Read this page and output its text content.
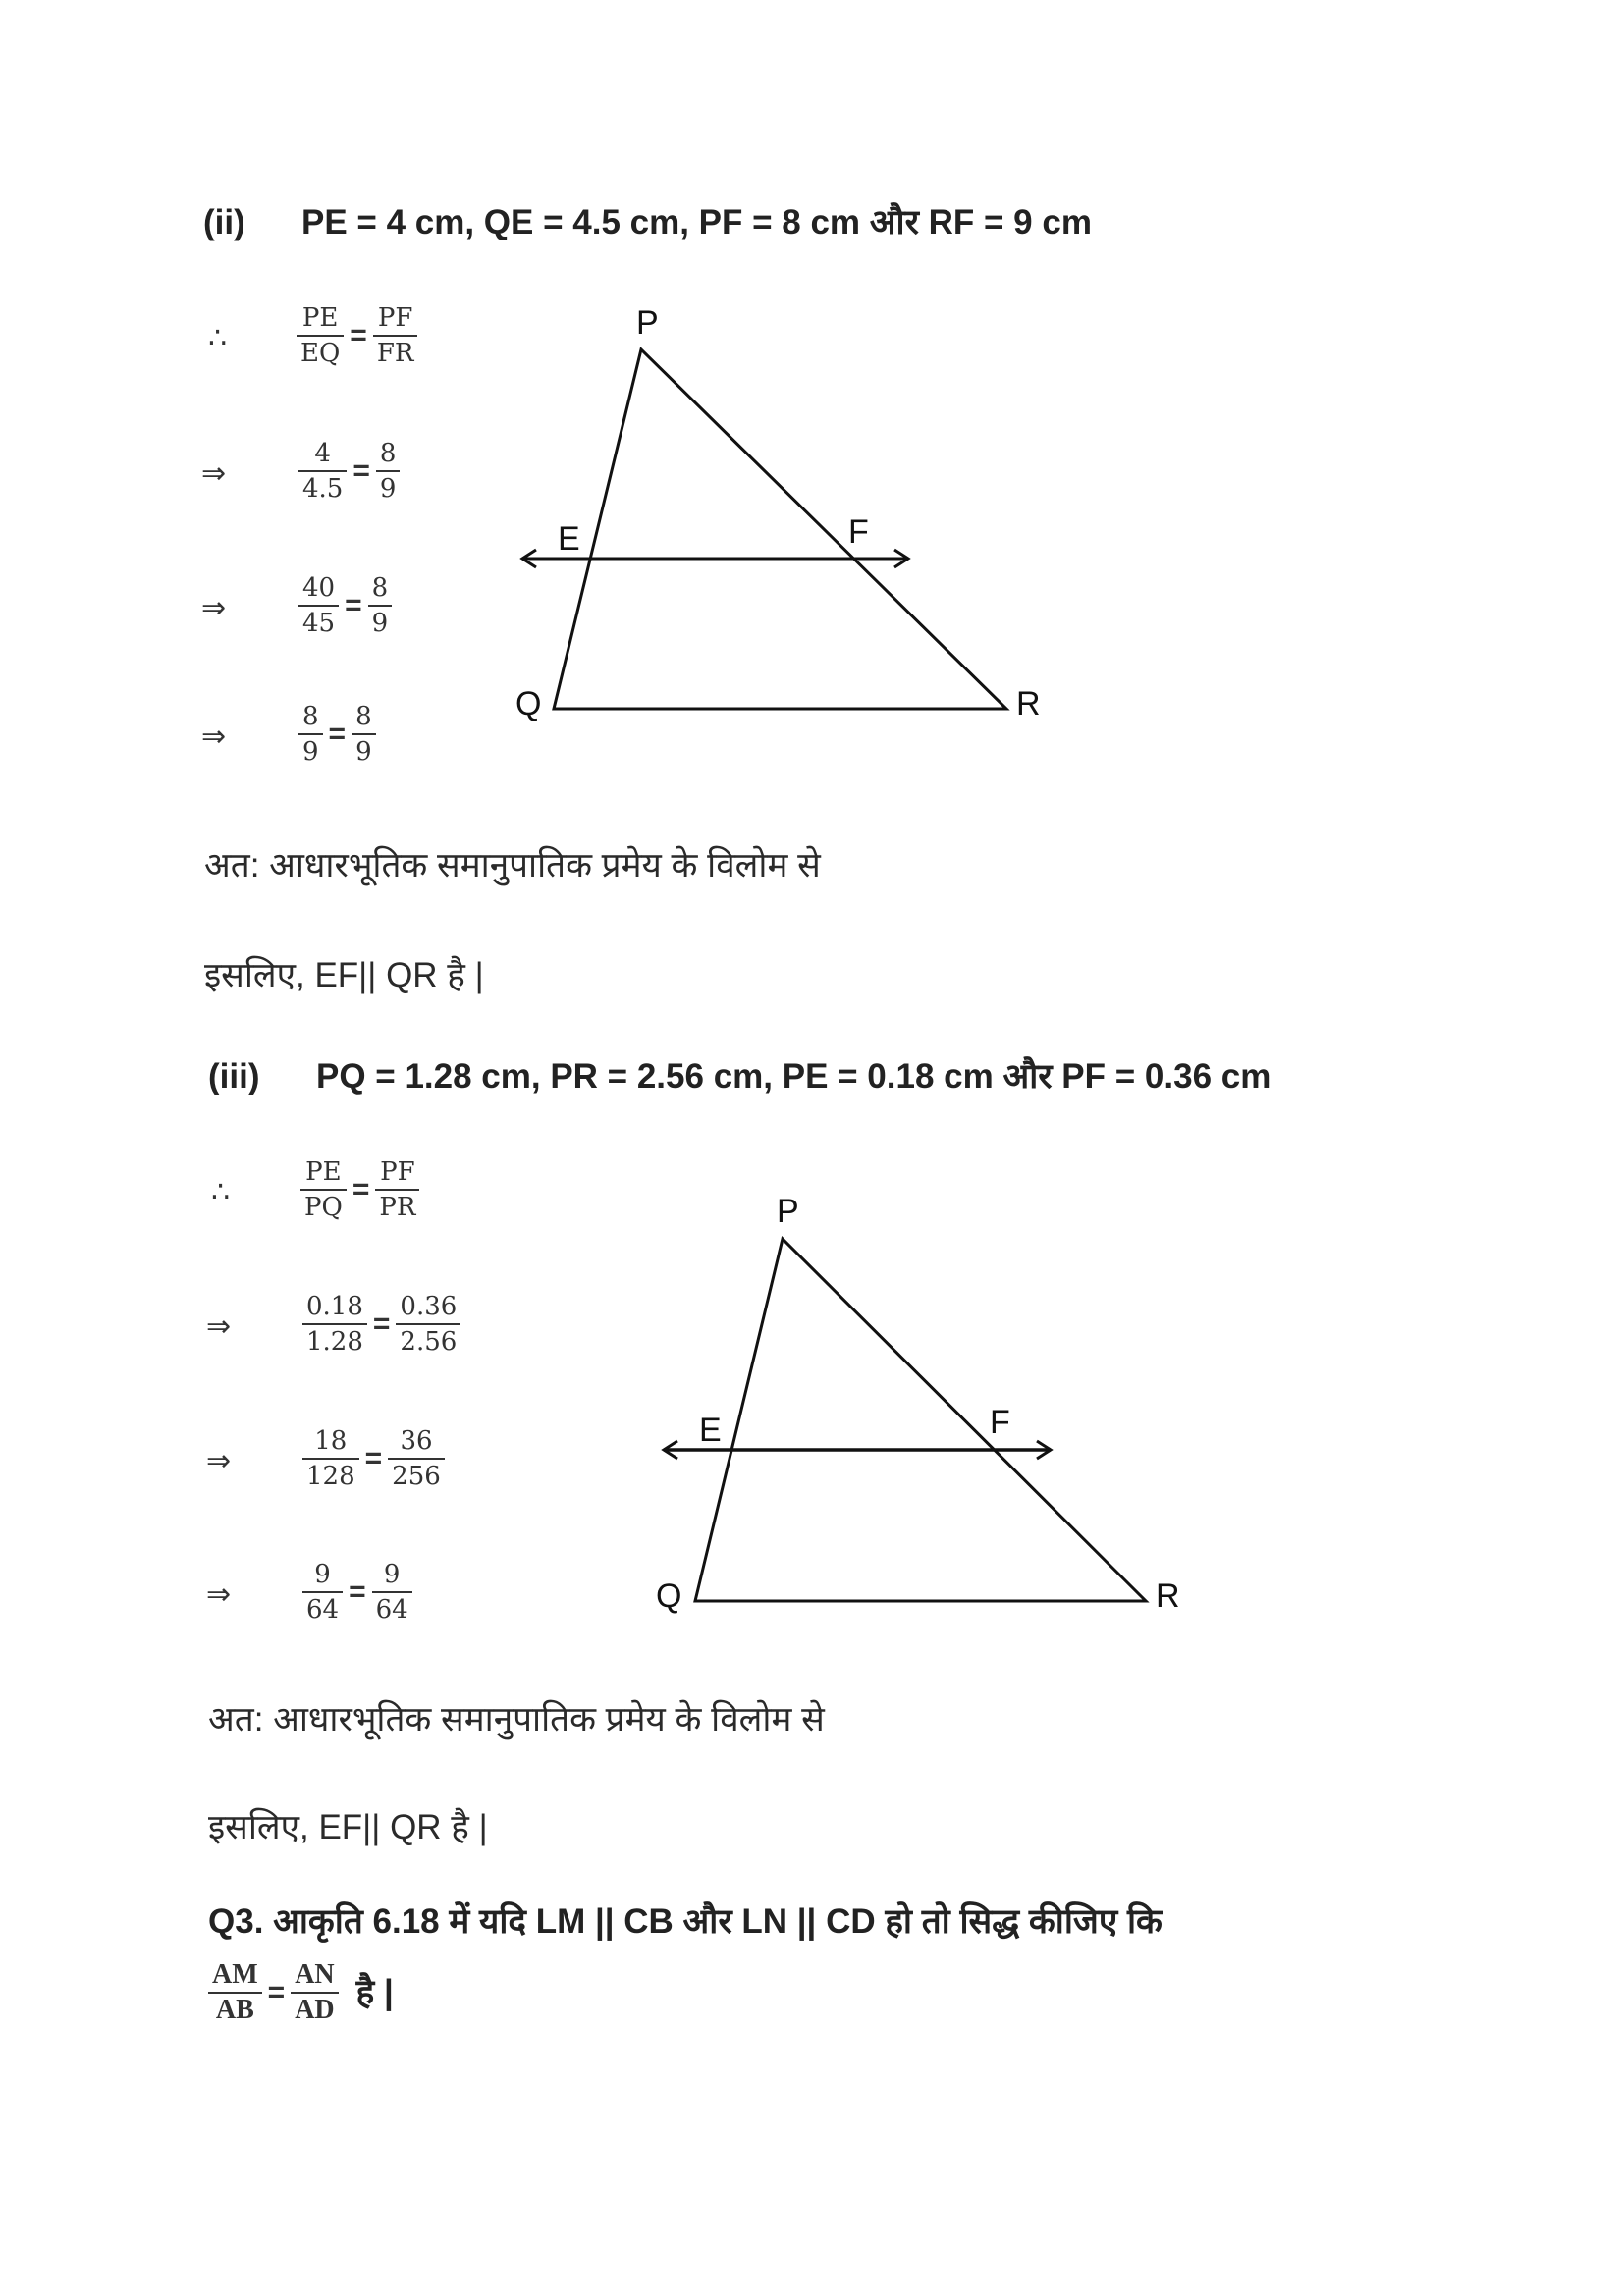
(ii) PE = 4 cm, QE = 4.5 cm, PF = 8 cm और RF = 9 cm
∴	$\frac{PE}{EQ} = \frac{PF}{FR}$
⇒	$\frac{4}{4.5} = \frac{8}{9}$
⇒	$\frac{40}{45} = \frac{8}{9}$
⇒	$\frac{8}{9} = \frac{8}{9}$
P
Q	R
E	F
अत: आधारभूतिक समानुपातिक प्रमेय के विलोम से
इसलिए, EF|| QR है |
(iii) PQ = 1.28 cm, PR = 2.56 cm, PE = 0.18 cm और PF = 0.36 cm
∴	$\frac{PE}{PQ} = \frac{PF}{PR}$
⇒	$\frac{0.18}{1.28} = \frac{0.36}{2.56}$
⇒	$\frac{18}{128} = \frac{36}{256}$
⇒	$\frac{9}{64} = \frac{9}{64}$
P
Q	R
E	F
अत: आधारभूतिक समानुपातिक प्रमेय के विलोम से
इसलिए, EF|| QR है |
Q3. आकृति 6.18 में यदि LM || CB और LN || CD हो तो सिद्ध कीजिए कि
$\frac{AM}{AB} = \frac{AN}{AD}$ है |
